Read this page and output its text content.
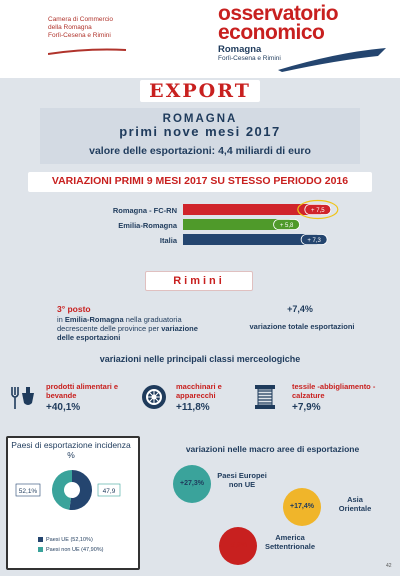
Camera di Commercio
della Romagna
Forlì-Cesena e Rimini
osservatorio
economico
Romagna
Forlì-Cesena e Rimini
EXPORT
ROMAGNA
primi nove mesi 2017
valore delle esportazioni: 4,4 miliardi di euro
VARIAZIONI PRIMI 9 MESI 2017 SU STESSO PERIODO 2016
Romagna - FC-RN	+ 7,5
Emilia-Romagna	+ 5,8
Italia	+ 7,3
Rimini
3° posto
in Emilia-Romagna nella graduatoria decrescente delle province per variazione delle esportazioni
+7,4%
variazione totale esportazioni
variazioni nelle principali classi merceologiche
prodotti alimentari e bevande
+40,1%
macchinari e apparecchi
+11,8%
tessile -abbigliamento - calzature
+7,9%
Paesi di esportazione incidenza %
52,1%	47,9
Paesi UE (52,10%)
Paesi non UE (47,90%)
variazioni nelle macro aree di esportazione
+27,3%
Paesi Europei non UE
+17,4%
Asia Orientale
-5,9%
America Settentrionale
42
